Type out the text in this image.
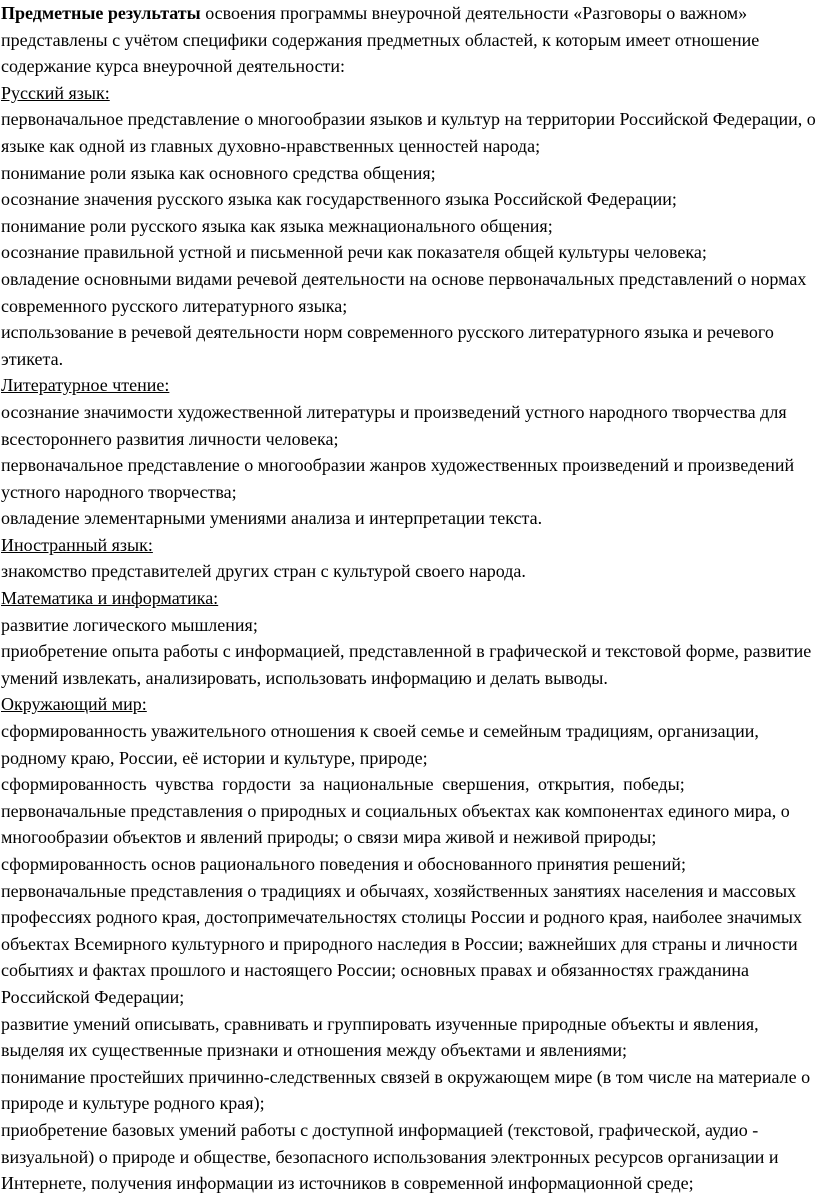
Предметные результаты освоения программы внеурочной деятельности «Разговоры о важном» представлены с учётом специфики содержания предметных областей, к которым имеет отношение содержание курса внеурочной деятельности:

Русский язык:

первоначальное представление о многообразии языков и культур на территории Российской Федерации, о языке как одной из главных духовно-нравственных ценностей народа;

понимание роли языка как основного средства общения;

осознание значения русского языка как государственного языка Российской Федерации;

понимание роли русского языка как языка межнационального общения;

осознание правильной устной и письменной речи как показателя общей культуры человека;

овладение основными видами речевой деятельности на основе первоначальных представлений о нормах современного русского литературного языка;

использование в речевой деятельности норм современного русского литературного языка и речевого этикета.

Литературное чтение:

осознание значимости художественной литературы и произведений устного народного творчества для всестороннего развития личности человека;

первоначальное представление о многообразии жанров художественных произведений и произведений устного народного творчества;

овладение элементарными умениями анализа и интерпретации текста.

Иностранный язык:

знакомство представителей других стран с культурой своего народа.

Математика и информатика:

развитие логического мышления;

приобретение опыта работы с информацией, представленной в графической и текстовой форме, развитие умений извлекать, анализировать, использовать информацию и делать выводы.

Окружающий мир:

сформированность уважительного отношения к своей семье и семейным традициям, организации, родному краю, России, её истории и культуре, природе;

сформированность чувства гордости за национальные свершения, открытия, победы;

первоначальные представления о природных и социальных объектах как компонентах единого мира, о многообразии объектов и явлений природы; о связи мира живой и неживой природы;

сформированность основ рационального поведения и обоснованного принятия решений;

первоначальные представления о традициях и обычаях, хозяйственных занятиях населения и массовых профессиях родного края, достопримечательностях столицы России и родного края, наиболее значимых объектах Всемирного культурного и природного наследия в России; важнейших для страны и личности событиях и фактах прошлого и настоящего России; основных правах и обязанностях гражданина Российской Федерации;

развитие умений описывать, сравнивать и группировать изученные природные объекты и явления, выделяя их существенные признаки и отношения между объектами и явлениями;

понимание простейших причинно-следственных связей в окружающем мире (в том числе на материале о природе и культуре родного края);

приобретение базовых умений работы с доступной информацией (текстовой, графической, аудио - визуальной) о природе и обществе, безопасного использования электронных ресурсов организации и Интернете, получения информации из источников в современной информационной среде;
